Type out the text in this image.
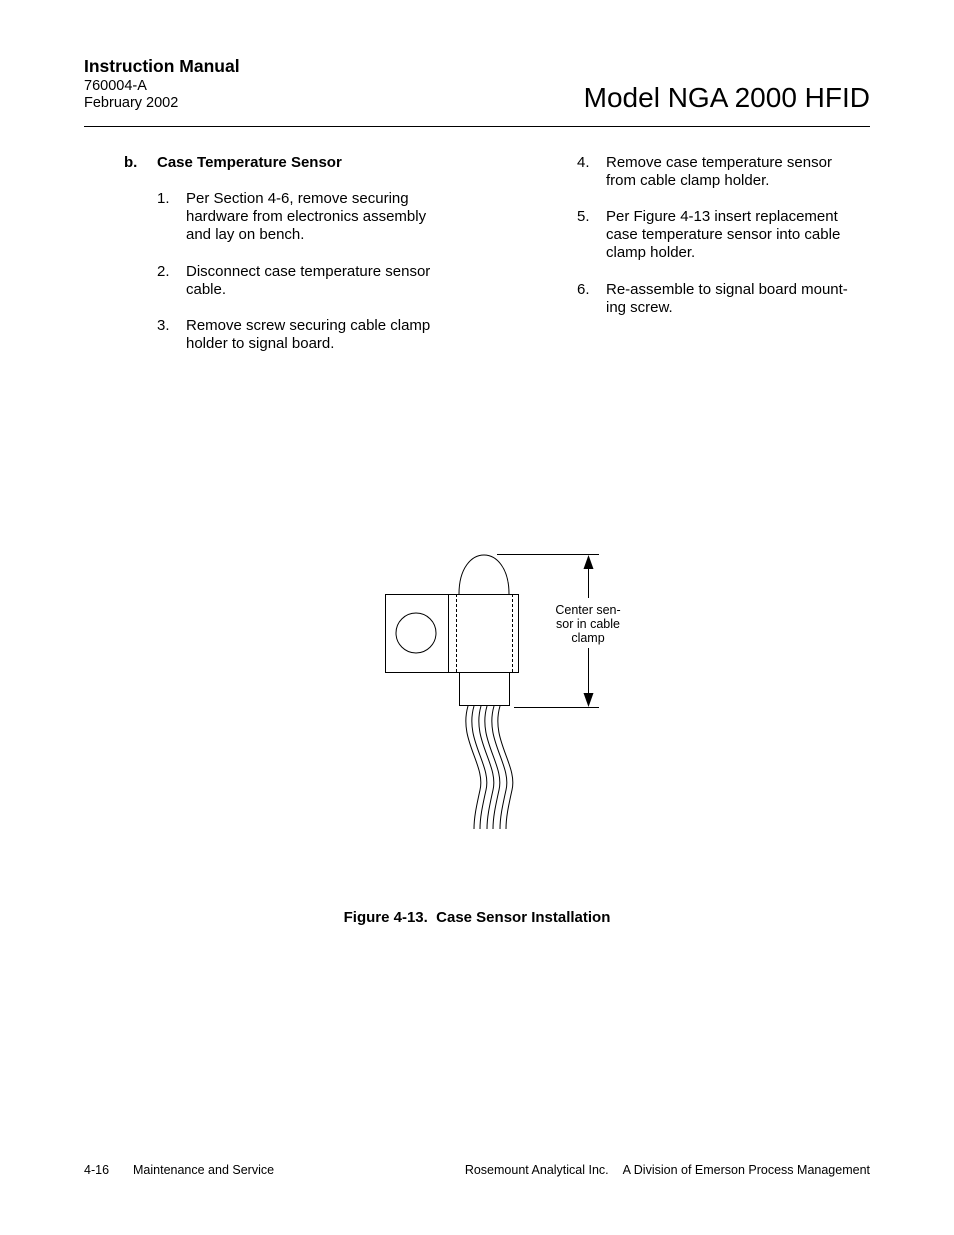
Instruction Manual
760004-A
February 2002	Model NGA 2000 HFID
b. Case Temperature Sensor
1. Per Section 4-6, remove securing
hardware from electronics assembly
and lay on bench.
2. Disconnect case temperature sensor
cable.
3. Remove screw securing cable clamp
holder to signal board.
4. Remove case temperature sensor
from cable clamp holder.
5. Per Figure 4-13 insert replacement
case temperature sensor into cable
clamp holder.
6. Re-assemble to signal board mount-
ing screw.
Center sen-
sor in cable
clamp
Figure 4-13.  Case Sensor Installation
4-16 Maintenance and Service	Rosemount Analytical Inc. A Division of Emerson Process Management
